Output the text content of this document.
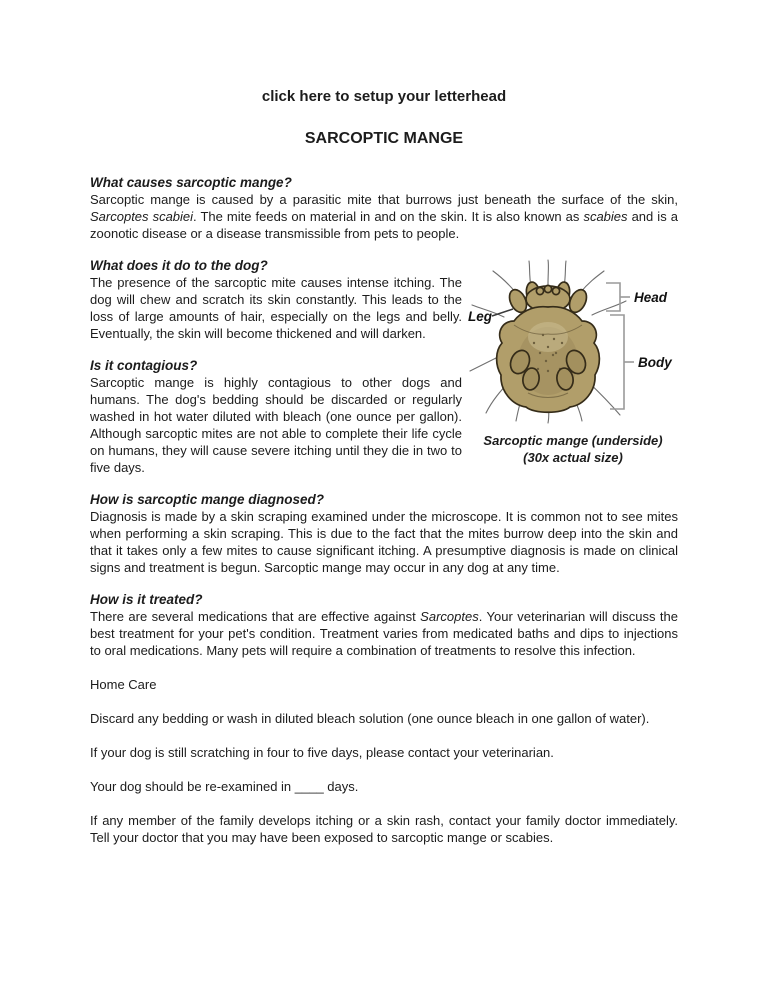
click here to setup your letterhead
SARCOPTIC MANGE
What causes sarcoptic mange?

Sarcoptic mange is caused by a parasitic mite that burrows just beneath the surface of the skin, Sarcoptes scabiei. The mite feeds on material in and on the skin. It is also known as scabies and is a zoonotic disease or a disease transmissible from pets to people.

What does it do to the dog?

The presence of the sarcoptic mite causes intense itching. The dog will chew and scratch its skin constantly. This leads to the loss of large amounts of hair, especially on the legs and belly. Eventually, the skin will become thickened and will darken.

Is it contagious?

Sarcoptic mange is highly contagious to other dogs and humans. The dog's bedding should be discarded or regularly washed in hot water diluted with bleach (one ounce per gallon). Although sarcoptic mites are not able to complete their life cycle on humans, they will cause severe itching until they die in two to five days.

Leg
Head
Body
Sarcoptic mange (underside)
(30x actual size)
How is sarcoptic mange diagnosed?

Diagnosis is made by a skin scraping examined under the microscope. It is common not to see mites when performing a skin scraping. This is due to the fact that the mites burrow deep into the skin and that it takes only a few mites to cause significant itching. A presumptive diagnosis is made on clinical signs and treatment is begun. Sarcoptic mange may occur in any dog at any time.

How is it treated?

There are several medications that are effective against Sarcoptes. Your veterinarian will discuss the best treatment for your pet's condition. Treatment varies from medicated baths and dips to injections to oral medications. Many pets will require a combination of treatments to resolve this infection.

Home Care

Discard any bedding or wash in diluted bleach solution (one ounce bleach in one gallon of water).

If your dog is still scratching in four to five days, please contact your veterinarian.

Your dog should be re-examined in ____ days.

If any member of the family develops itching or a skin rash, contact your family doctor immediately. Tell your doctor that you may have been exposed to sarcoptic mange or scabies.
